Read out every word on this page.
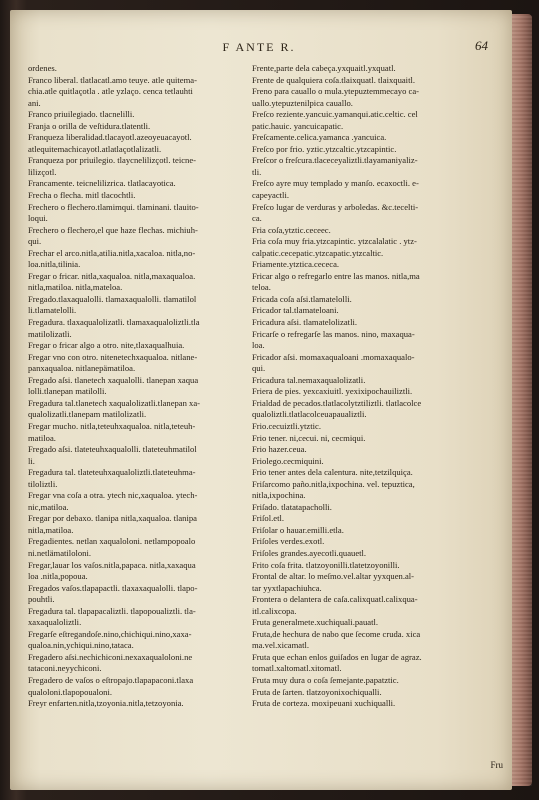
F ANTE R.	64
ordenes.
Franco liberal. tlatlacatl.amo teuye. atle quitema-
chia.atle quitlaçotla . atle yzlaço. cenca tetlauhti
ani.
Franco priuilegiado. tlacnelilli.
Franja o orilla de veſtidura.tlatentli.
Franqueza liberalidad.tlacayotl.azeoyeuacayotl.
atlequitemachicayotl.atlatlaçotlalizatli.
Franqueza por priuilegio. tlaycnelilizçotl. teicne-
lilizçotl.
Francamente. teicnelilizrica. tlatlacayotica.
Frecha o flecha. mitl tlacochtli.
Frechero o flechero.tlamimqui. tlaminani. tlauito-
loqui.
Frechero o flechero,el que haze flechas. michiuh-
qui.
Frechar el arco.nitla,atilia.nitla,xacaloa. nitla,no-
loa.nitla,tilinia.
Fregar o fricar. nitla,xaqualoa. nitla,maxaqualoa.
nitla,matiloa. nitla,mateloa.
Fregado.tlaxaqualolli. tlamaxaqualolli. tlamatilol
li.tlamatelolli.
Fregadura. tlaxaqualolizatli. tlamaxaqualoliztli.tla
matilolizatli.
Fregar o fricar algo a otro. nite,tlaxaqualhuia.
Fregar vno con otro. nitenetechxaqualoa. nitlane-
panxaqualoa. nitlanepämatiloa.
Fregado aſsi. tlanetech xaqualolli. tlanepan xaqua
lolli.tlanepan matilolli.
Fregadura tal.tlanetech xaqualolizatli.tlanepan xa-
qualolizatli.tlanepam matilolizatli.
Fregar mucho. nitla,teteuhxaqualoa. nitla,teteuh-
matiloa.
Fregado aſsi. tlateteuhxaqualolli. tlateteuhmatilol
li.
Fregadura tal. tlateteuhxaqualoliztli.tlateteuhma-
tiloliztli.
Fregar vna coſa a otra. ytech nic,xaqualoa. ytech-
nic,matiloa.
Fregar por debaxo. tlanipa nitla,xaqualoa. tlanipa
nitla,matiloa.
Fregadientes. netlan xaqualoloni. netlampopoalo
ni.netlämatiloloni.
Fregar,lauar los vaſos.nitla,papaca. nitla,xaxaqua
loa .nitla,popoua.
Fregados vaſos.tlapapactli. tlaxaxaqualolli. tlapo-
pouhtli.
Fregadura tal. tlapapacaliztli. tlapopoualiztli. tla-
xaxaqualoliztli.
Fregarſe eſtregandoſe.nino,chichiqui.nino,xaxa-
qualoa.nin,ychiqui.nino,tataca.
Fregadero aſsi.nechichiconi.nexaxaqualoloni.ne
tataconi.neyychiconi.
Fregadero de vaſos o eſtropajo.tlapapaconi.tlaxa
qualoloni.tlapopoualoni.
Freyr enfarten.nitla,tzoyonia.nitla,tetzoyonia.
Frente,parte dela cabeça.yxquaitl.yxquatl.
Frente de qualquiera coſa.tlaixquatl. tlaixquaitl.
Freno para cauallo o mula.ytepuztemmecayo ca-
uallo.ytepuztenilpica cauallo.
Freſco reziente.yancuic.yamanqui.atic.celtic. cel
patic.hauic. yancuicapatic.
Freſcamente.celica.yamanca .yancuica.
Freſco por frio. yztic.ytzcaltic.ytzcapintic.
Freſcor o freſcura.tlaceceyaliztli.tlayamaniyaliz-
tli.
Freſco ayre muy templado y manſo. ecaxoctli. e-
capeyactli.
Freſco lugar de verduras y arboledas. &c.tecelti-
ca.
Fria coſa,ytztic.ceceec.
Fria coſa muy fria.ytzcapintic. ytzcalalatic . ytz-
calpatic.cecepatic.ytzcapatic.ytzcaltic.
Friamente.ytztica.cececa.
Fricar algo o refregarlo entre las manos. nitla,ma
teloa.
Fricada coſa aſsi.tlamatelolli.
Fricador tal.tlamateloani.
Fricadura aſsi. tlamatelolizatli.
Fricarſe o refregarſe las manos. nino, maxaqua-
loa.
Fricador aſsi. momaxaqualoani .momaxaqualo-
qui.
Fricadura tal.nemaxaqualolizatli.
Friera de pies. yexcaxiuitl. yexixipochauiliztli.
Frialdad de pecados.tlatlacolytztiliztli. tlatlacolce
qualoliztli.tlatlacolceuapaualiztli.
Frio.cecuiztli.ytztic.
Frio tener. ni,cecui. ni, cecmiqui.
Frio hazer.ceua.
Friolego.cecmiquini.
Frio tener antes dela calentura. nite,tetzilquiça.
Friſarcomo paño.nitla,ixpochina. vel. tepuztica,
nitla,ixpochina.
Friſado. tlatatapacholli.
Friſol.etl.
Friſolar o hauar.emilli.etla.
Friſoles verdes.exotl.
Friſoles grandes.ayecotli.quauetl.
Frito coſa frita. tlatzoyonilli.tlatetzoyonilli.
Frontal de altar. lo meſmo.vel.altar yyxquen.al-
tar yyxtlapachiuhca.
Frontera o delantera de caſa.calixquatl.calixqua-
itl.calixcopa.
Fruta generalmete.xuchiquali.pauatl.
Fruta,de hechura de nabo que ſecome cruda. xica
ma.vel.xicamatl.
Fruta que echan enlos guiſados en lugar de agraz.
tomatl.xaltomatl.xitomatl.
Fruta muy dura o coſa ſemejante.papatztic.
Fruta de ſarten. tlatzoyonixochiqualli.
Fruta de corteza. moxipeuani xuchiqualli.
Fru
